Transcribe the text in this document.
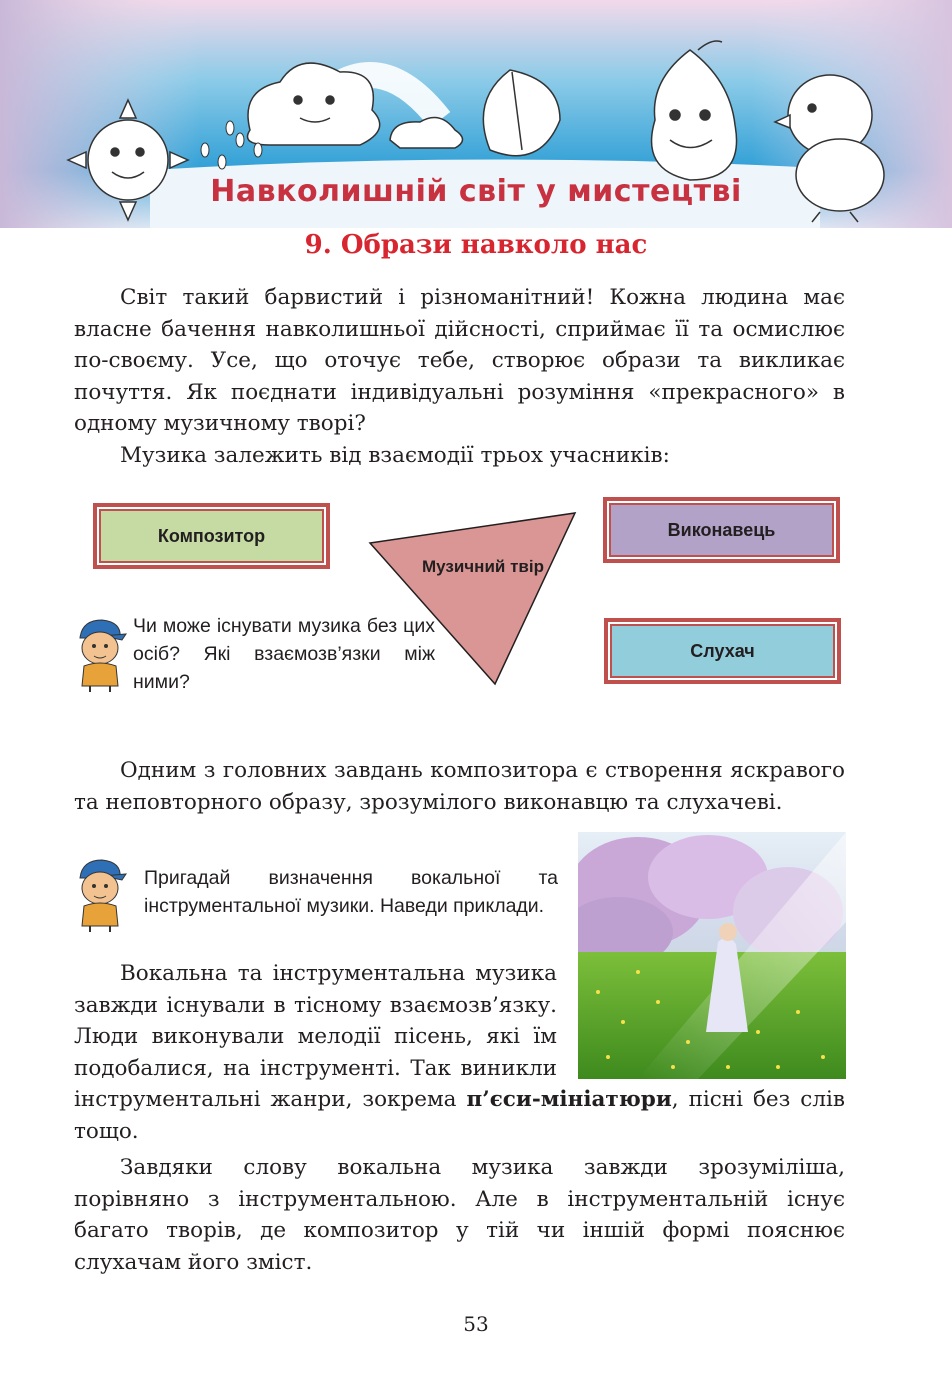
Навколишній світ у мистецтві
9. Образи навколо нас

Світ такий барвистий і різноманітний! Кожна людина має власне бачення навколишньої дійсності, сприймає її та осмислює по-своєму. Усе, що оточує тебе, створює образи та викликає почуття. Як поєднати індивідуальні розуміння «прекрасного» в одному музичному творі?

Музика залежить від взаємодії трьох учасників:

Композитор	Виконавець
Слухач
Музичний твір

Чи може існувати музика без цих осіб? Які взаємозв’язки між ними?

Одним з головних завдань композитора є створення яскравого та неповторного образу, зрозумілого виконавцю та слухачеві.

Пригадай визначення вокальної та інструментальної музики. Наведи приклади.

Вокальна та інструментальна музика завжди існували в тісному взаємозв’язку. Люди виконували мелодії пісень, які їм подобалися, на інструменті. Так виникли інструментальні жанри, зокрема п’єси-мініатюри, пісні без слів тощо.

Завдяки слову вокальна музика завжди зрозуміліша, порівняно з інструментальною. Але в інструментальній існує багато творів, де композитор у тій чи іншій формі пояснює слухачам його зміст.

53
